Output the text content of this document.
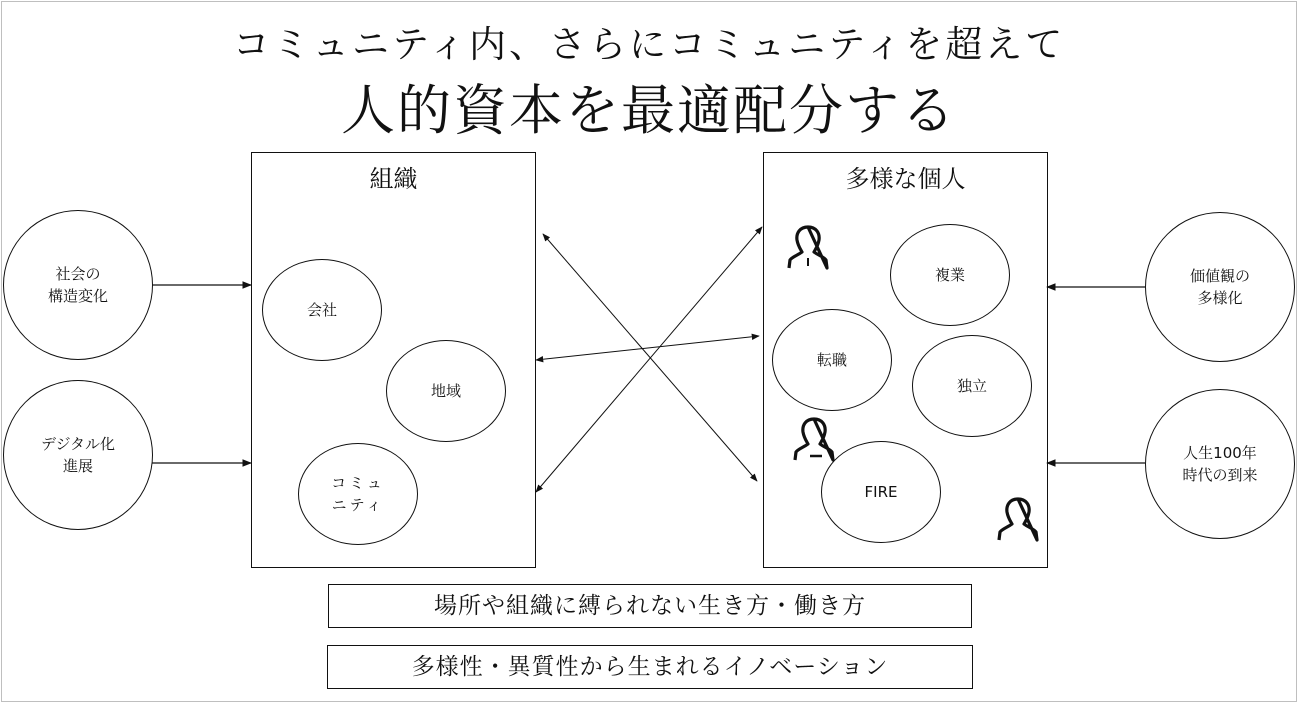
コミュニティ内、さらにコミュニティを超えて
人的資本を最適配分する
組織
会社
地域
コミュ
ニティ
多様な個人
複業
転職
独立
FIRE
社会の
構造変化
デジタル化
進展
価値観の
多様化
人生100年
時代の到来
場所や組織に縛られない生き方・働き方
多様性・異質性から生まれるイノベーション
